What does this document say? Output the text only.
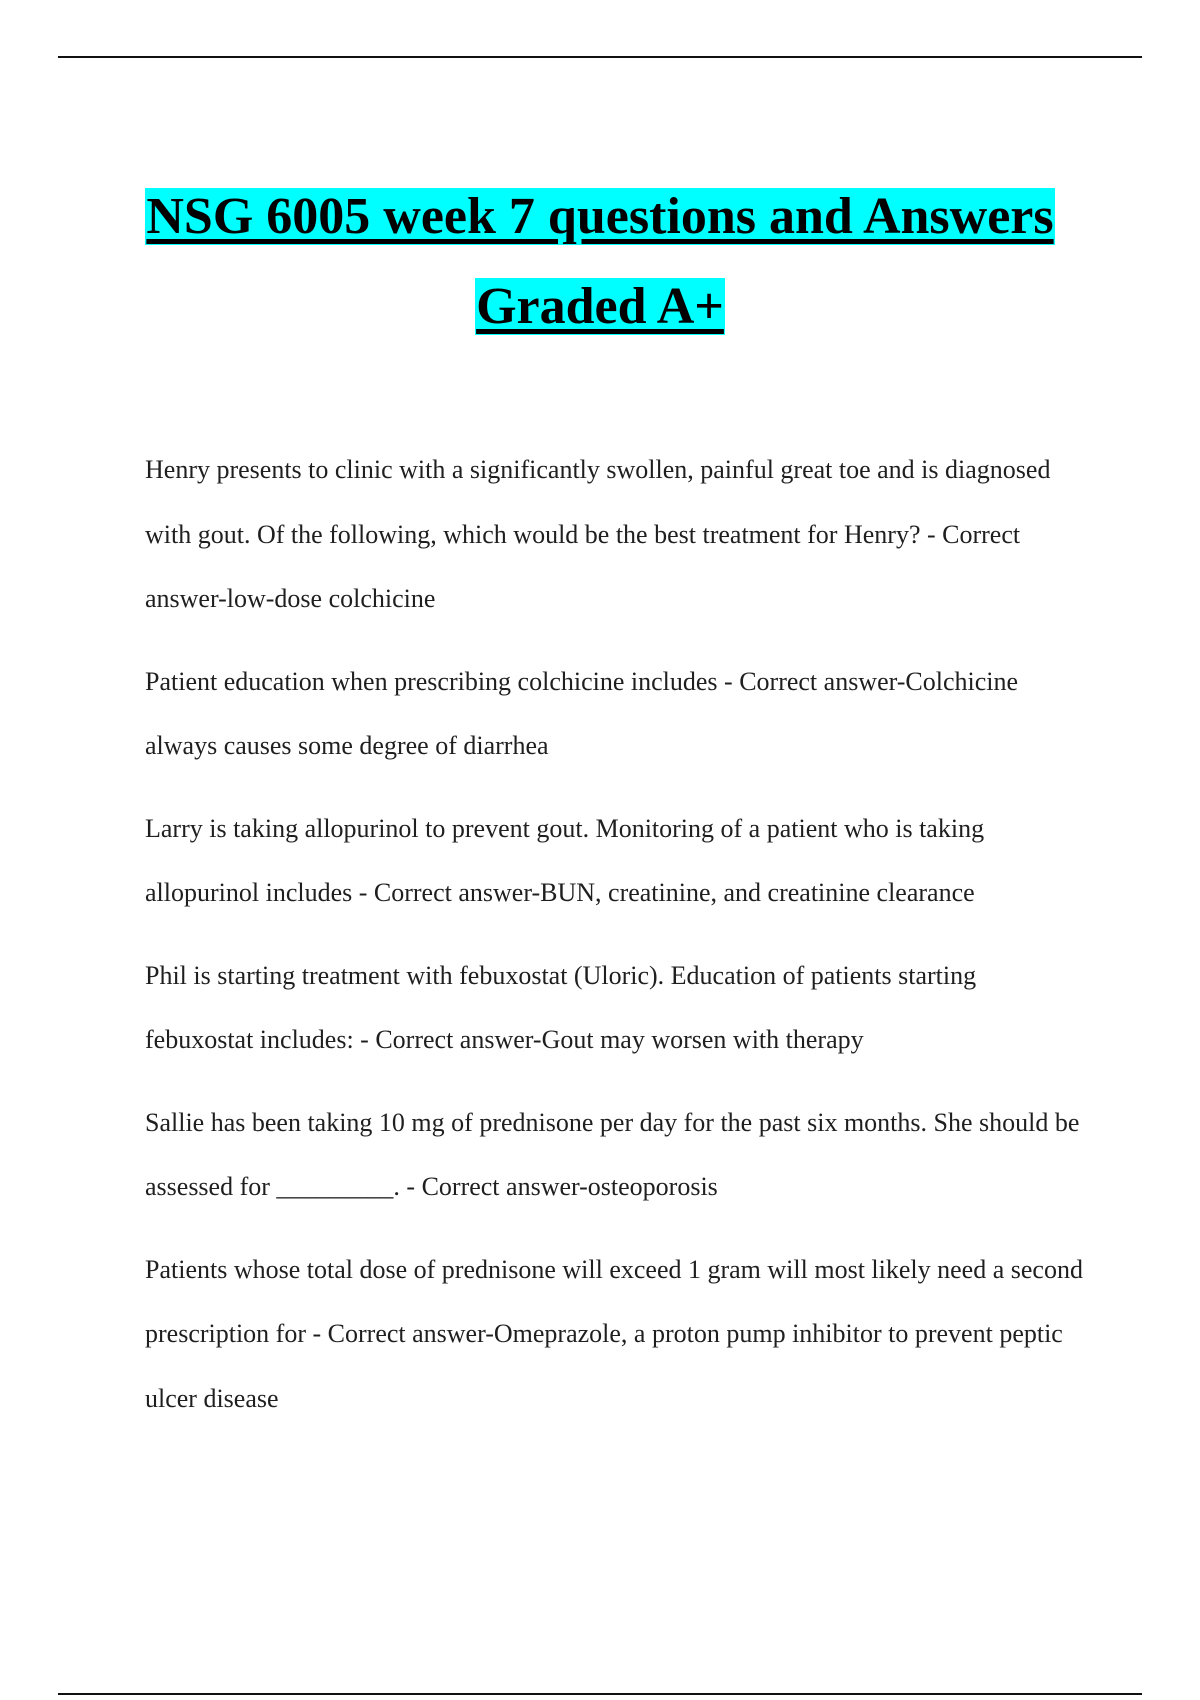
NSG 6005 week 7 questions and Answers
Graded A+

Henry presents to clinic with a significantly swollen, painful great toe and is diagnosed with gout. Of the following, which would be the best treatment for Henry? - Correct answer-low-dose colchicine

Patient education when prescribing colchicine includes - Correct answer-Colchicine always causes some degree of diarrhea

Larry is taking allopurinol to prevent gout. Monitoring of a patient who is taking allopurinol includes - Correct answer-BUN, creatinine, and creatinine clearance

Phil is starting treatment with febuxostat (Uloric). Education of patients starting febuxostat includes: - Correct answer-Gout may worsen with therapy

Sallie has been taking 10 mg of prednisone per day for the past six months. She should be assessed for _________. - Correct answer-osteoporosis

Patients whose total dose of prednisone will exceed 1 gram will most likely need a second prescription for - Correct answer-Omeprazole, a proton pump inhibitor to prevent peptic ulcer disease
